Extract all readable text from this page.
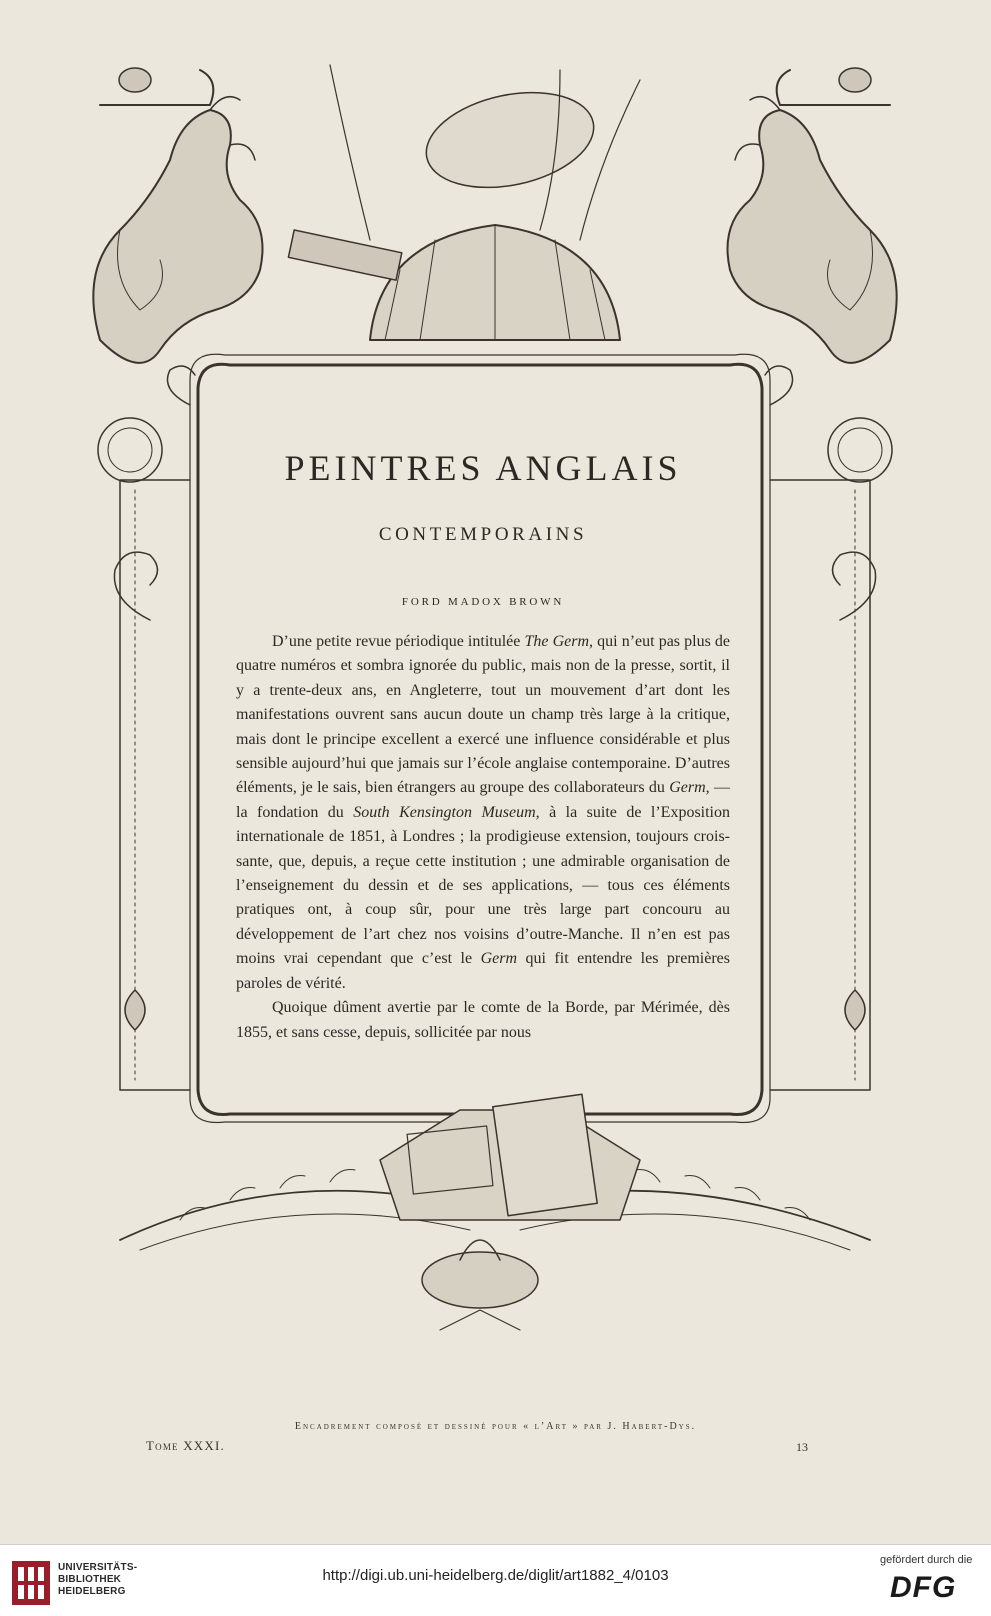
PEINTRES ANGLAIS
CONTEMPORAINS
FORD MADOX BROWN

D’une petite revue périodique intitulée The Germ, qui n’eut pas plus de quatre numéros et sombra ignorée du public, mais non de la presse, sortit, il y a trente-deux ans, en Angleterre, tout un mouvement d’art dont les manifestations ouvrent sans aucun doute un champ très large à la critique, mais dont le principe excellent a exercé une influence considérable et plus sensible aujourd’hui que jamais sur l’école anglaise contemporaine. D’autres éléments, je le sais, bien étrangers au groupe des collaborateurs du Germ, — la fondation du South Kensington Museum, à la suite de l’Exposition internationale de 1851, à Londres ; la prodigieuse extension, toujours croissante, que, depuis, a reçue cette institution ; une admirable organisation de l’enseignement du dessin et de ses applications, — tous ces éléments pratiques ont, à coup sûr, pour une très large part concouru au développement de l’art chez nos voisins d’outre-Manche. Il n’en est pas moins vrai cependant que c’est le Germ qui fit entendre les premières paroles de vérité.

Quoique dûment avertie par le comte de la Borde, par Mérimée, dès 1855, et sans cesse, depuis, sollicitée par nous

Encadrement composé et dessiné pour « l’Art » par J. Habert-Dys.
Tome XXXI.	13
UNIVERSITÄTS-
BIBLIOTHEK
HEIDELBERG
http://digi.ub.uni-heidelberg.de/diglit/art1882_4/0103
gefördert durch die
DFG
